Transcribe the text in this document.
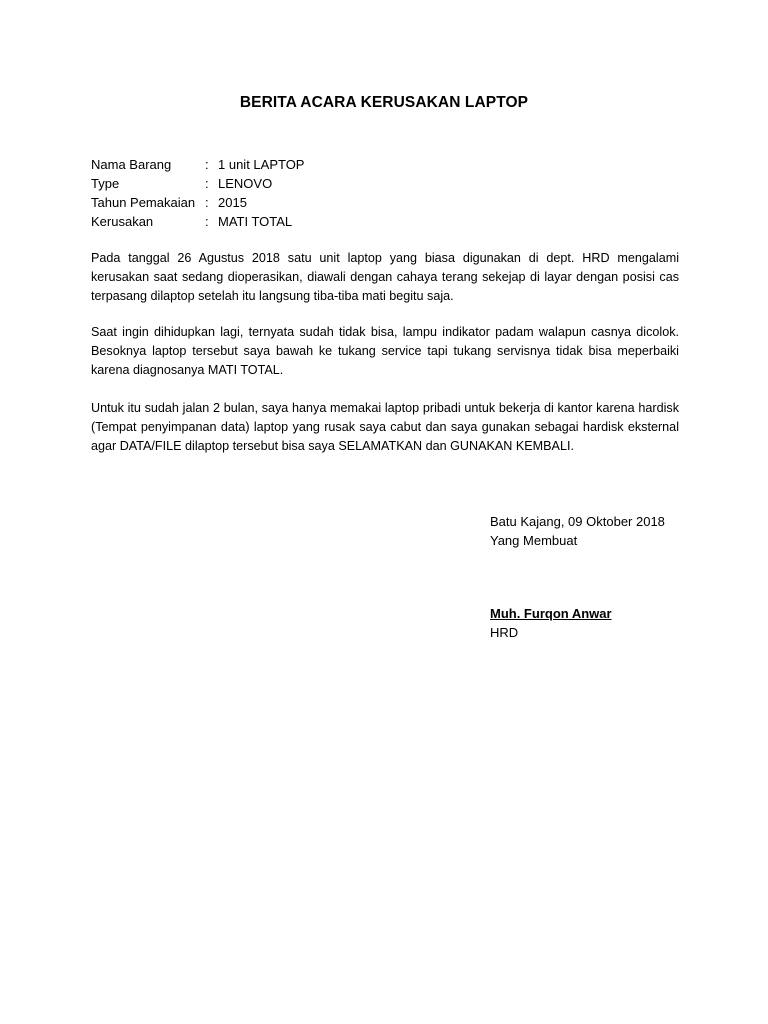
BERITA ACARA KERUSAKAN LAPTOP
Nama Barang	: 1 unit LAPTOP
Type	: LENOVO
Tahun Pemakaian : 2015
Kerusakan	: MATI TOTAL
Pada tanggal 26 Agustus 2018 satu unit laptop yang biasa digunakan di dept. HRD mengalami kerusakan saat sedang dioperasikan, diawali dengan cahaya terang sekejap di layar dengan posisi cas terpasang dilaptop setelah itu langsung tiba-tiba mati begitu saja.
Saat ingin dihidupkan lagi, ternyata sudah tidak bisa, lampu indikator padam walapun casnya dicolok. Besoknya laptop tersebut saya bawah ke tukang service tapi tukang servisnya tidak bisa meperbaiki karena diagnosanya MATI TOTAL.
Untuk itu sudah jalan 2 bulan, saya hanya memakai laptop pribadi untuk bekerja di kantor karena hardisk (Tempat penyimpanan data) laptop yang rusak saya cabut dan saya gunakan sebagai hardisk eksternal agar DATA/FILE dilaptop tersebut bisa saya SELAMATKAN dan GUNAKAN KEMBALI.
Batu Kajang, 09 Oktober 2018
Yang Membuat
Muh. Furqon Anwar
HRD
